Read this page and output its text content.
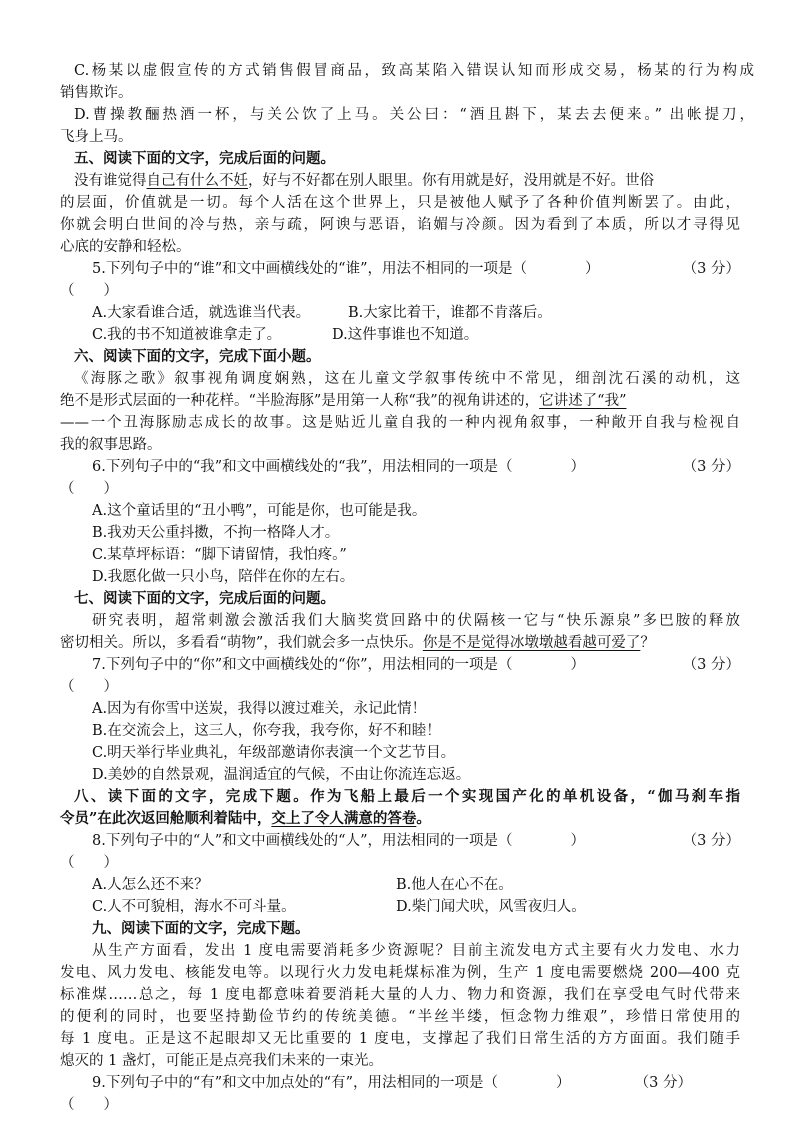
C.杨某以虚假宣传的方式销售假冒商品，致高某陷入错误认知而形成交易，杨某的行为构成
销售欺诈。
D.曹操教酾热酒一杯，与关公饮了上马。关公曰：“酒且斟下，某去去便来。” 出帐提刀，
飞身上马。
五、阅读下面的文字，完成后面的问题。
没有谁觉得自己有什么不妊，好与不好都在别人眼里。你有用就是好，没用就是不好。世俗
的层面，价值就是一切。每个人活在这个世界上，只是被他人赋予了各种价值判断罢了。由此，
你就会明白世间的冷与热，亲与疏，阿谀与恶语，谄媚与冷颜。因为看到了本质，所以才寻得见
心底的安静和轻松。
5.下列句子中的“谁”和文中画横线处的“谁”，用法不相同的一项是（　　　　）	（3 分）
（　　）
A.大家看谁合适，就选谁当代表。	B.大家比着干，谁都不肯落后。
C.我的书不知道被谁拿走了。	D.这件事谁也不知道。
六、阅读下面的文字，完成下面小题。
《海豚之歌》叙事视角调度娴熟，这在儿童文学叙事传统中不常见，细剖沈石溪的动机，这
绝不是形式层面的一种花样。“半脸海豚”是用第一人称“我”的视角讲述的，它讲述了“我”
——一个丑海豚励志成长的故事。这是贴近儿童自我的一种内视角叙事，一种敞开自我与检视自
我的叙事思路。
6.下列句子中的“我”和文中画横线处的“我”，用法相同的一项是（　　　　）	（3 分）
（　　）
A.这个童话里的“丑小鸭”，可能是你，也可能是我。
B.我劝天公重抖擞，不拘一格降人才。
C.某草坪标语：“脚下请留情，我怕疼。”
D.我愿化做一只小鸟，陪伴在你的左右。
七、阅读下面的文字，完成后面的问题。
研究表明，超常刺激会激活我们大脑奖赏回路中的伏隔核一它与“快乐源泉”多巴胺的释放
密切相关。所以，多看看“萌物”，我们就会多一点快乐。你是不是觉得冰墩墩越看越可爱了？
7.下列句子中的“你”和文中画横线处的“你”，用法相同的一项是（　　　　）	（3 分）
（　　）
A.因为有你雪中送炭，我得以渡过难关，永记此情！
B.在交流会上，这三人，你夸我，我夸你，好不和睦！
C.明天举行毕业典礼，年级部邀请你表演一个文艺节目。
D.美妙的自然景观，温润适宜的气候，不由让你流连忘返。
八、读下面的文字，完成下题。作为飞船上最后一个实现国产化的单机设备，“伽马刹车指
令员”在此次返回舱顺利着陆中，交上了令人满意的答卷。
8.下列句子中的“人”和文中画横线处的“人”，用法相同的一项是（　　　　）	（3 分）
（　　）
A.人怎么还不来？	B.他人在心不在。
C.人不可貌相，海水不可斗量。	D.柴门闻犬吠，风雪夜归人。
九、阅读下面的文字，完成下题。
从生产方面看，发出 1 度电需要消耗多少资源呢？目前主流发电方式主要有火力发电、水力
发电、风力发电、核能发电等。以现行火力发电耗煤标准为例，生产 1 度电需要燃烧 200—400 克
标准煤……总之，每 1 度电都意味着要消耗大量的人力、物力和资源，我们在享受电气时代带来
的便利的同时，也要坚持勤俭节约的传统美德。“半丝半缕，恒念物力维艰”，珍惜日常使用的
每 1 度电。正是这不起眼却又无比重要的 1 度电，支撑起了我们日常生活的方方面面。我们随手
熄灭的 1 盏灯，可能正是点亮我们未来的一束光。
9.下列句子中的“有”和文中加点处的“有”，用法相同的一项是（　　　　）	（3 分）
（　　）
